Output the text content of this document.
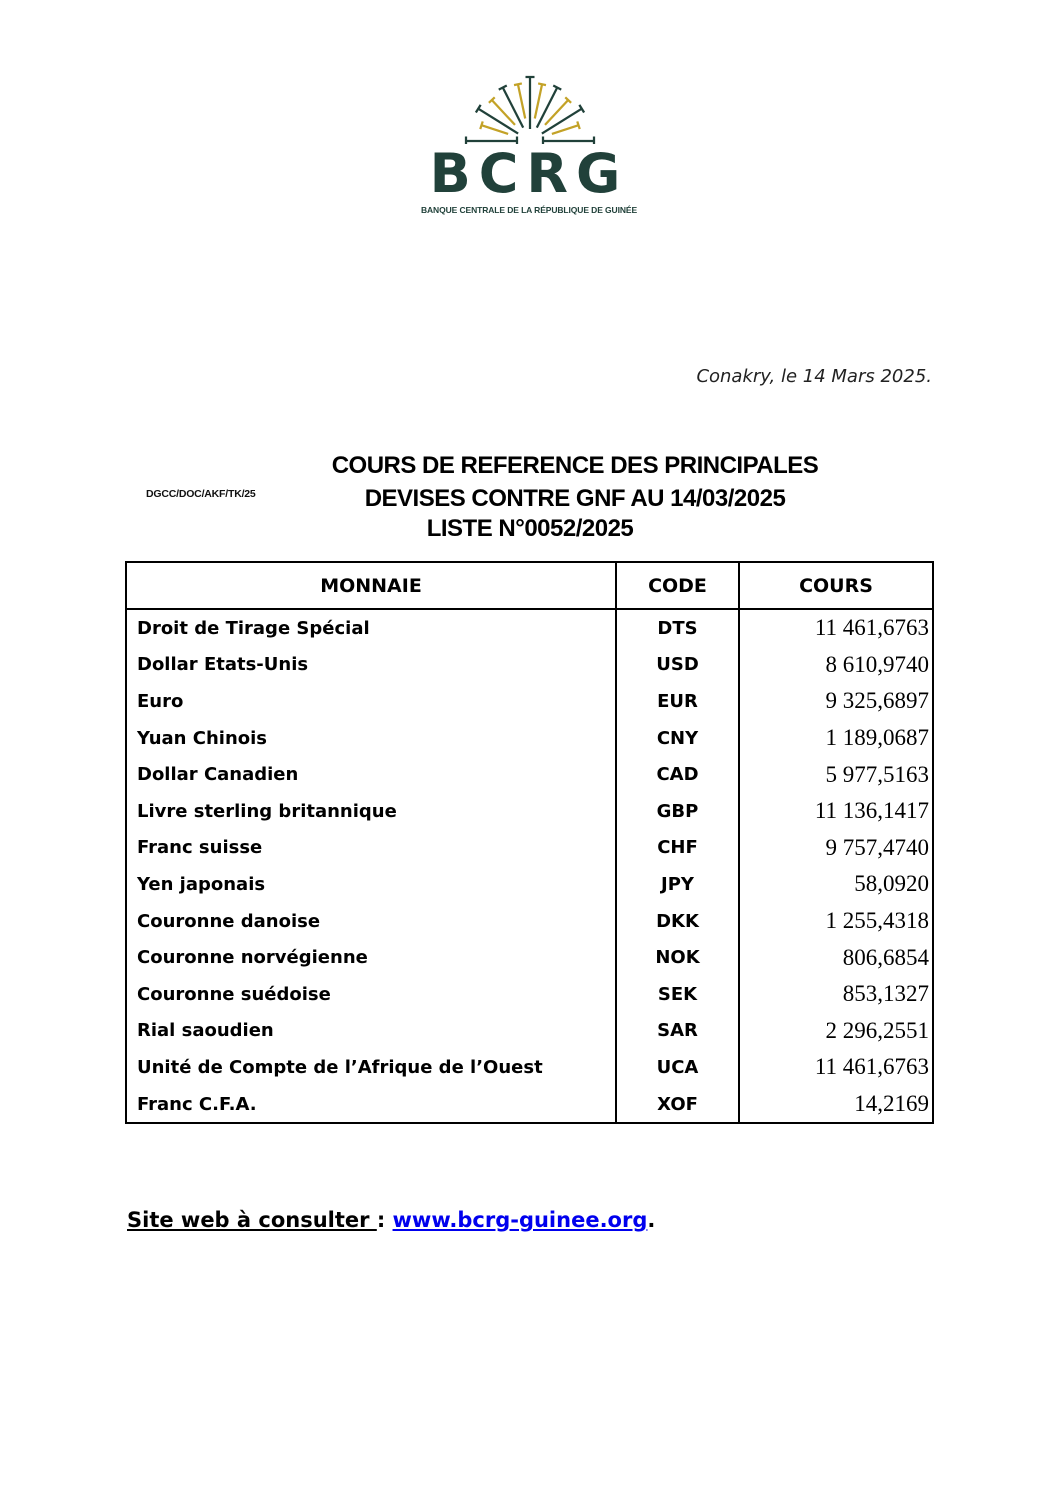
BCRG
BANQUE CENTRALE DE LA RÉPUBLIQUE DE GUINÉE
Conakry, le 14 Mars 2025.
DGCC/DOC/AKF/TK/25
COURS DE REFERENCE DES PRINCIPALES
DEVISES CONTRE GNF AU 14/03/2025
LISTE N°0052/2025
MONNAIE	CODE	COURS
Droit de Tirage Spécial	DTS	11 461,6763
Dollar Etats-Unis	USD	8 610,9740
Euro	EUR	9 325,6897
Yuan Chinois	CNY	1 189,0687
Dollar Canadien	CAD	5 977,5163
Livre sterling britannique	GBP	11 136,1417
Franc suisse	CHF	9 757,4740
Yen japonais	JPY	58,0920
Couronne danoise	DKK	1 255,4318
Couronne norvégienne	NOK	806,6854
Couronne suédoise	SEK	853,1327
Rial saoudien	SAR	2 296,2551
Unité de Compte de l’Afrique de l’Ouest	UCA	11 461,6763
Franc C.F.A.	XOF	14,2169
Site web à consulter : www.bcrg-guinee.org.
